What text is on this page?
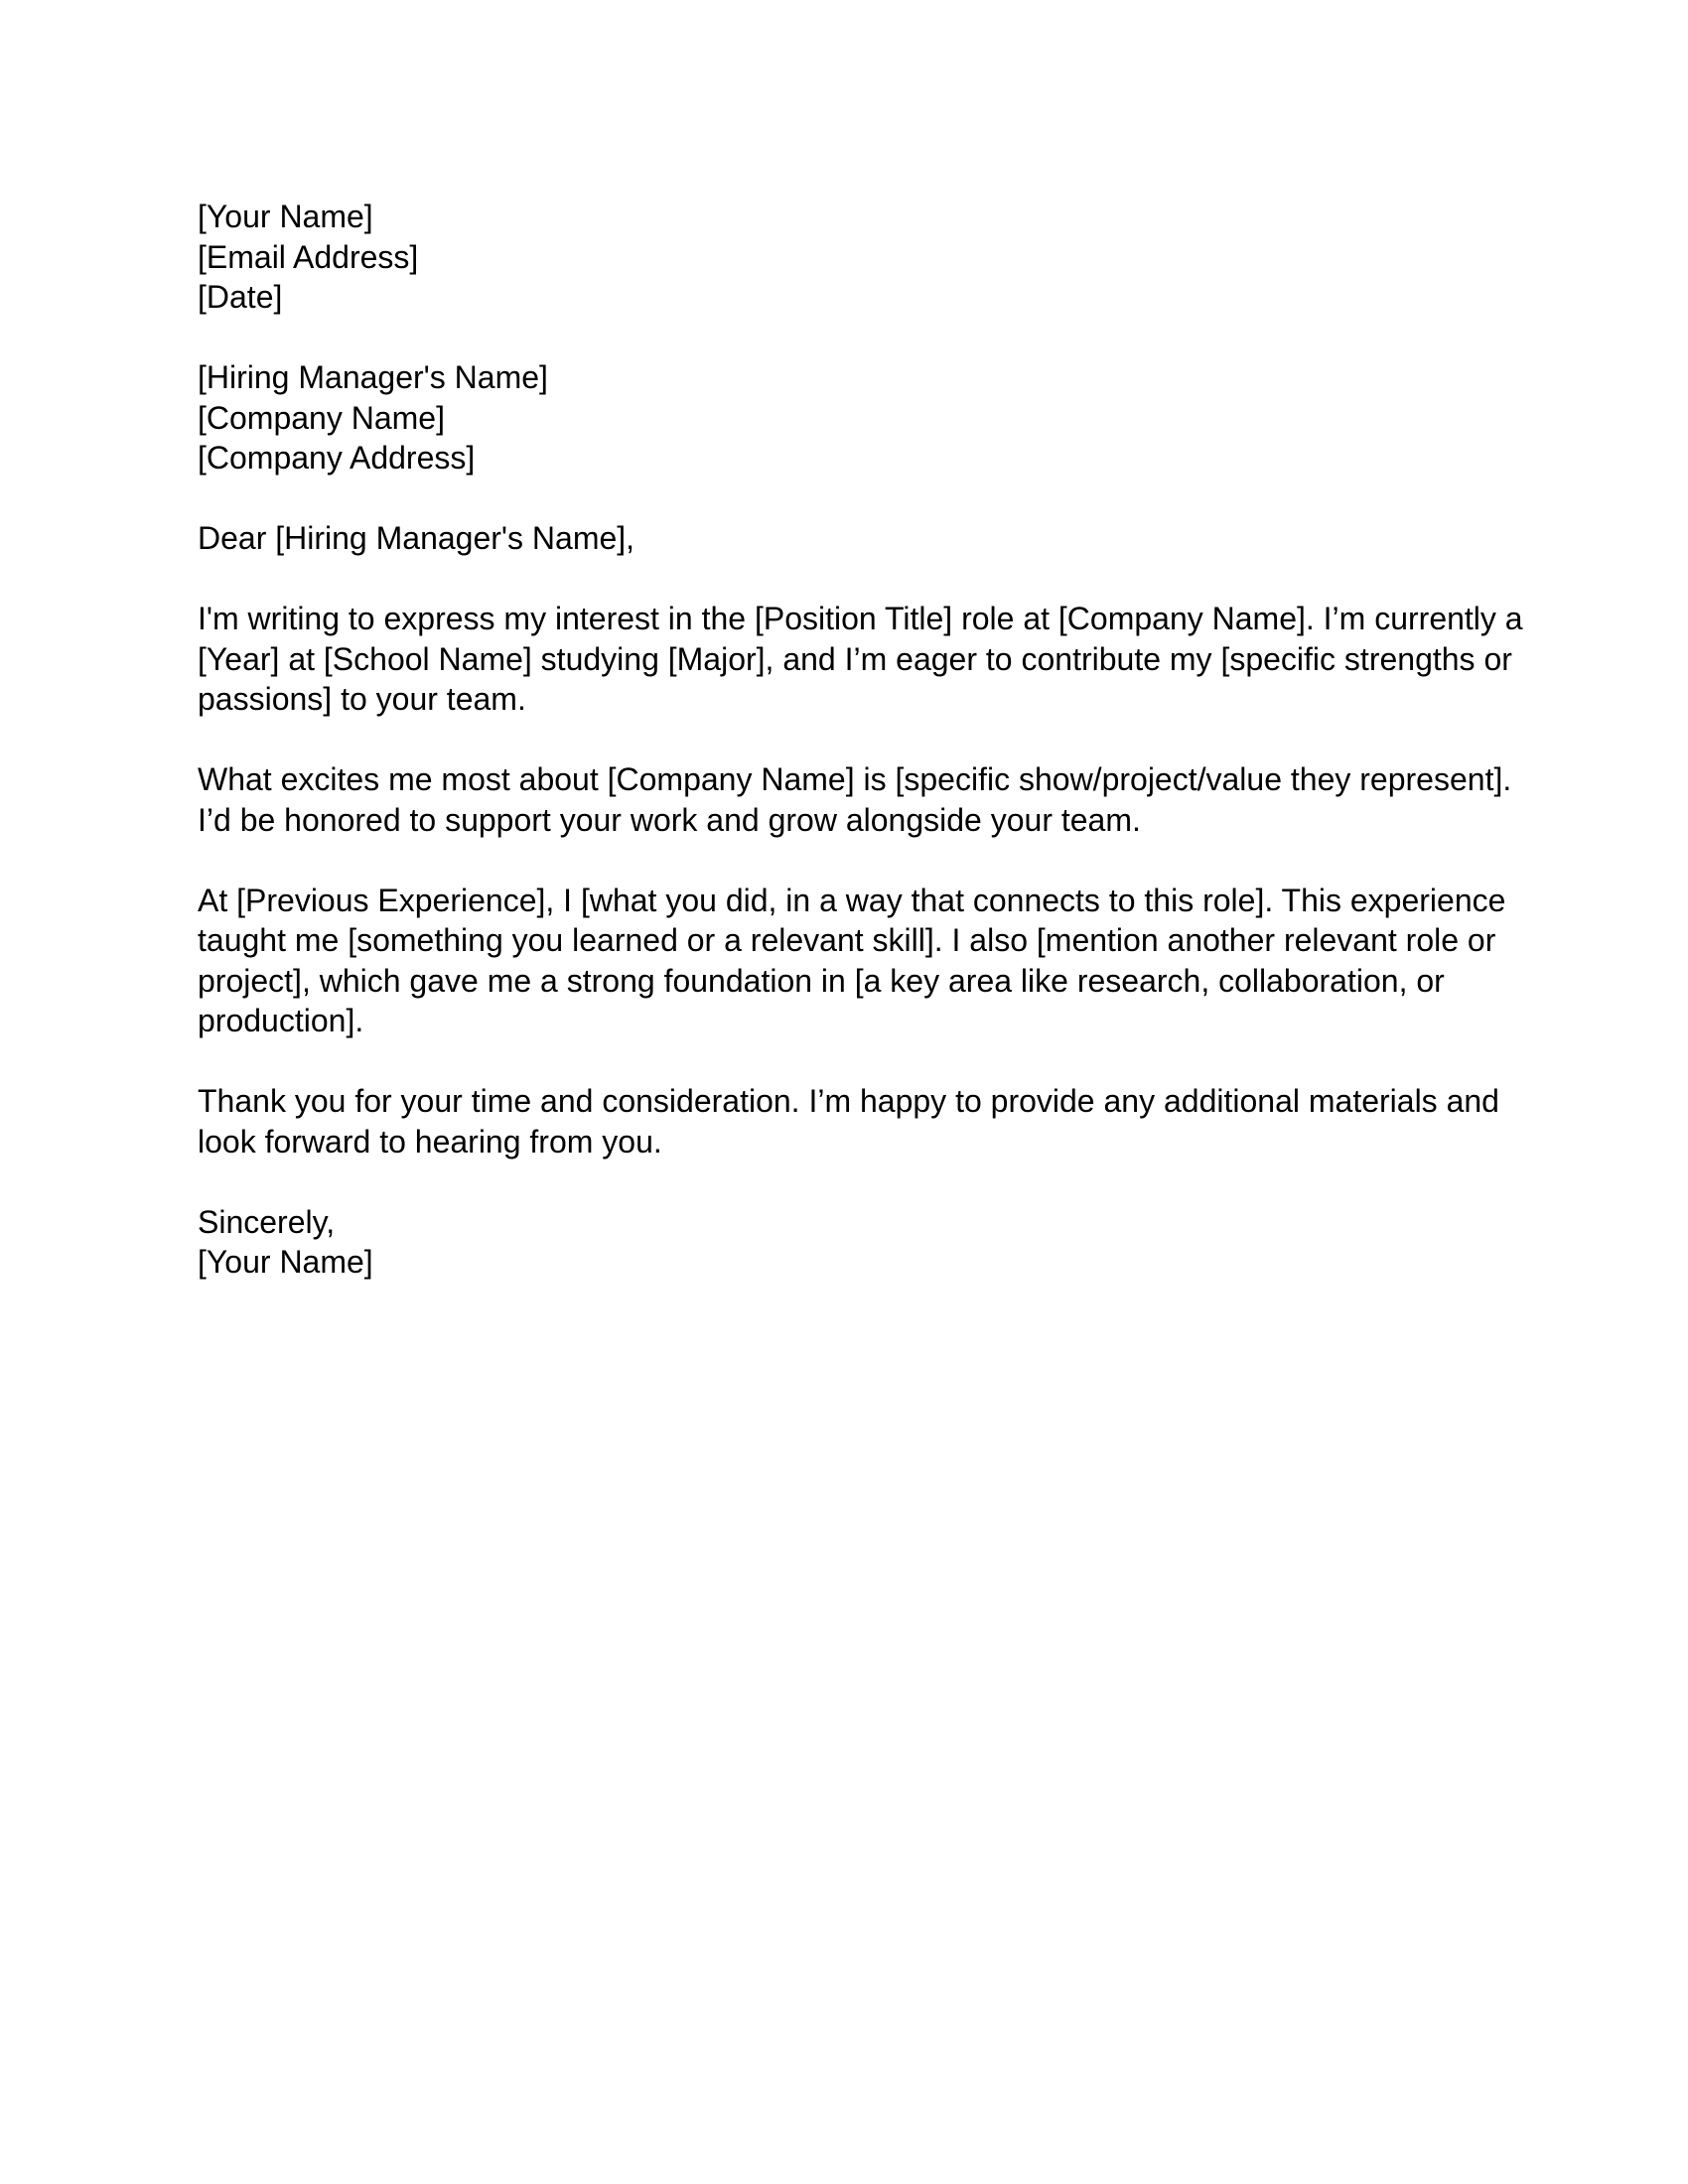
[Your Name]
[Email Address]
[Date]
[Hiring Manager's Name]
[Company Name]
[Company Address]
Dear [Hiring Manager's Name],
I'm writing to express my interest in the [Position Title] role at [Company Name]. I’m currently a
[Year] at [School Name] studying [Major], and I’m eager to contribute my [specific strengths or
passions] to your team.
What excites me most about [Company Name] is [specific show/project/value they represent].
I’d be honored to support your work and grow alongside your team.
At [Previous Experience], I [what you did, in a way that connects to this role]. This experience
taught me [something you learned or a relevant skill]. I also [mention another relevant role or
project], which gave me a strong foundation in [a key area like research, collaboration, or
production].
Thank you for your time and consideration. I’m happy to provide any additional materials and
look forward to hearing from you.
Sincerely,
[Your Name]
